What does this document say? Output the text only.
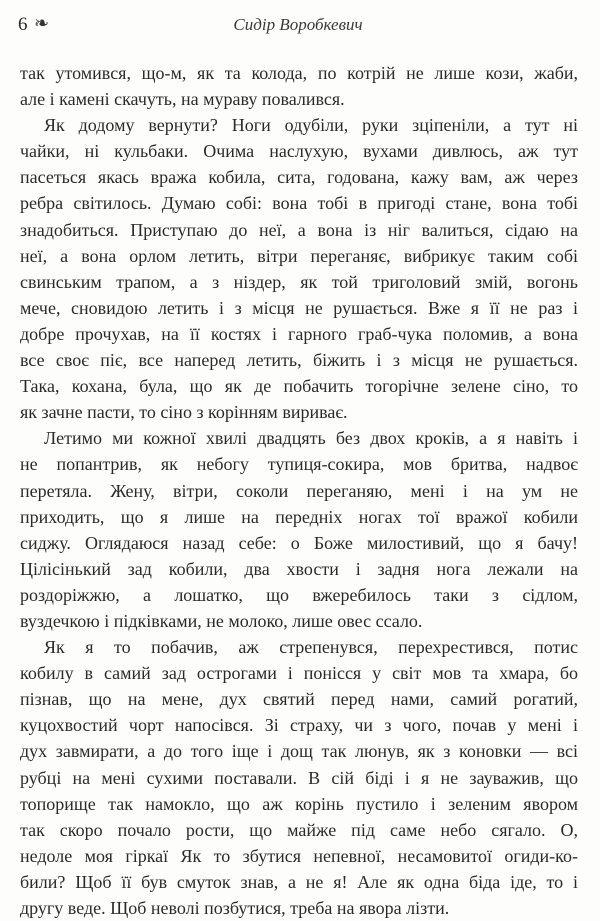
6 ❧	Сидір Воробкевич
так утомився, що-м, як та колода, по котрій не лише кози, жаби,
але і камені скачуть, на мураву повалився.
Як додому вернути? Ноги одубіли, руки зціпеніли, а тут ні
чайки, ні кульбаки. Очима наслухую, вухами дивлюсь, аж тут
пасеться якась вража кобила, сита, годована, кажу вам, аж через
ребра світилось. Думаю собі: вона тобі в пригоді стане, вона тобі
знадобиться. Приступаю до неї, а вона із ніг валиться, сідаю на
неї, а вона орлом летить, вітри переганяє, вибрикує таким собі
свинським трапом, а з ніздер, як той триголовий змій, вогонь
мече, сновидою летить і з місця не рушається. Вже я її не раз і
добре прочухав, на її костях і гарного граб-чука поломив, а вона
все своє піє, все наперед летить, біжить і з місця не рушається.
Така, кохана, була, що як де побачить тогорічне зелене сіно, то
як зачне пасти, то сіно з корінням вириває.
Летимо ми кожної хвилі двадцять без двох кроків, а я навіть і
не попантрив, як небогу тупиця-сокира, мов бритва, надвоє
перетяла. Жену, вітри, соколи переганяю, мені і на ум не
приходить, що я лише на передніх ногах тої вражої кобили
сиджу. Оглядаюся назад себе: о Боже милостивий, що я бачу!
Цілісінький зад кобили, два хвости і задня нога лежали на
роздоріжжю, а лошатко, що вжеребилось таки з сідлом,
вуздечкою і підківками, не молоко, лише овес ссало.
Як я то побачив, аж стрепенувся, перехрестився, потис
кобилу в самий зад острогами і понісся у світ мов та хмара, бо
пізнав, що на мене, дух святий перед нами, самий рогатий,
куцохвостий чорт напосівся. Зі страху, чи з чого, почав у мені і
дух завмирати, а до того іще і дощ так люнув, як з коновки — всі
рубці на мені сухими поставали. В сій біді і я не зауважив, що
топорище так намокло, що аж корінь пустило і зеленим явором
так скоро почало рости, що майже під саме небо сягало. О,
недоле моя гіркаї Як то збутися непевної, несамовитої огиди-ко-
били? Щоб її був смуток знав, а не я! Але як одна біда іде, то і
другу веде. Щоб неволі позбутися, треба на явора лізти.
